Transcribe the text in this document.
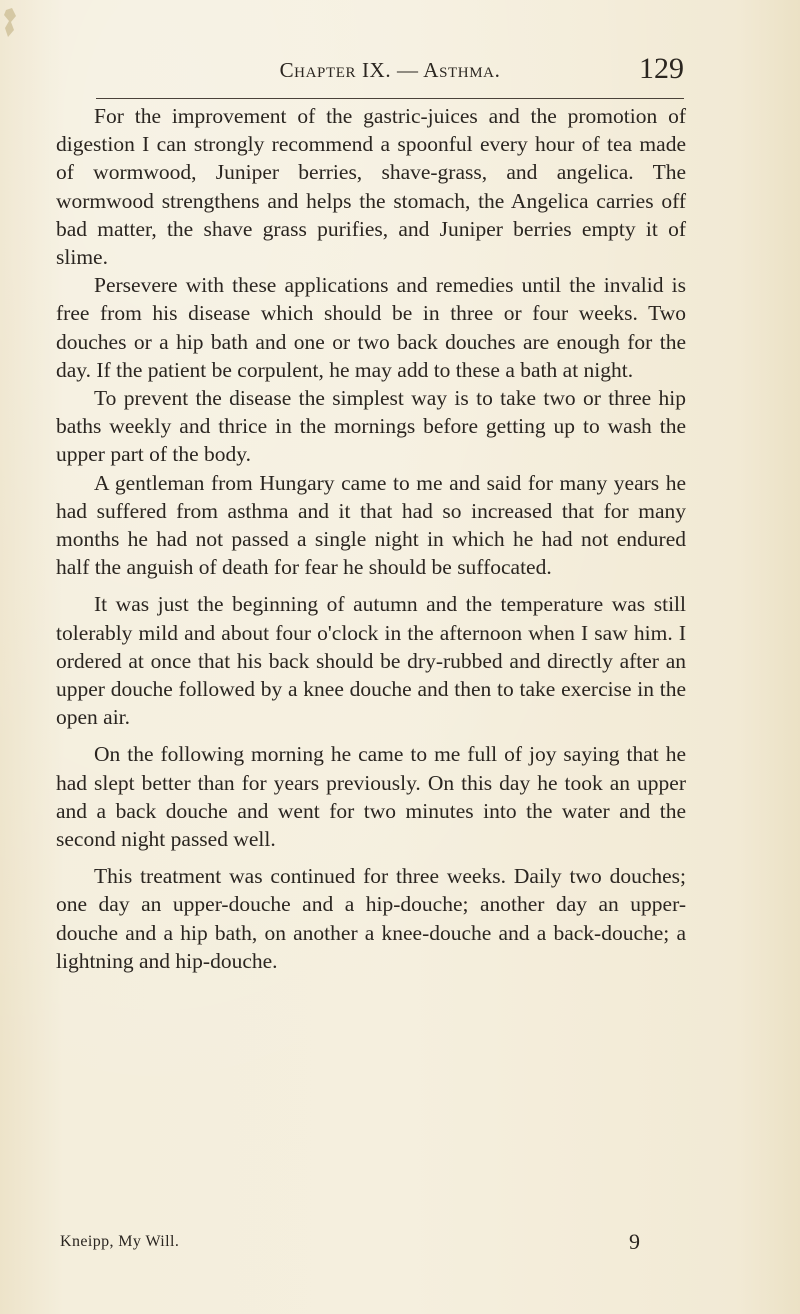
Chapter IX. — Asthma.	129

For the improvement of the gastric-juices and the promotion of digestion I can strongly recommend a spoonful every hour of tea made of wormwood, Juniper berries, shave-grass, and angelica. The wormwood strengthens and helps the stomach, the Angelica carries off bad matter, the shave grass purifies, and Juniper berries empty it of slime.

Persevere with these applications and remedies until the invalid is free from his disease which should be in three or four weeks. Two douches or a hip bath and one or two back douches are enough for the day. If the patient be corpulent, he may add to these a bath at night.

To prevent the disease the simplest way is to take two or three hip baths weekly and thrice in the mornings before getting up to wash the upper part of the body.

A gentleman from Hungary came to me and said for many years he had suffered from asthma and it that had so increased that for many months he had not passed a single night in which he had not endured half the anguish of death for fear he should be suffocated.

It was just the beginning of autumn and the temperature was still tolerably mild and about four o'clock in the afternoon when I saw him. I ordered at once that his back should be dry-rubbed and directly after an upper douche followed by a knee douche and then to take exercise in the open air.

On the following morning he came to me full of joy saying that he had slept better than for years previously. On this day he took an upper and a back douche and went for two minutes into the water and the second night passed well.

This treatment was continued for three weeks. Daily two douches; one day an upper-douche and a hip-douche; another day an upper-douche and a hip bath, on another a knee-douche and a back-douche; a lightning and hip-douche.

Kneipp, My Will.	9
